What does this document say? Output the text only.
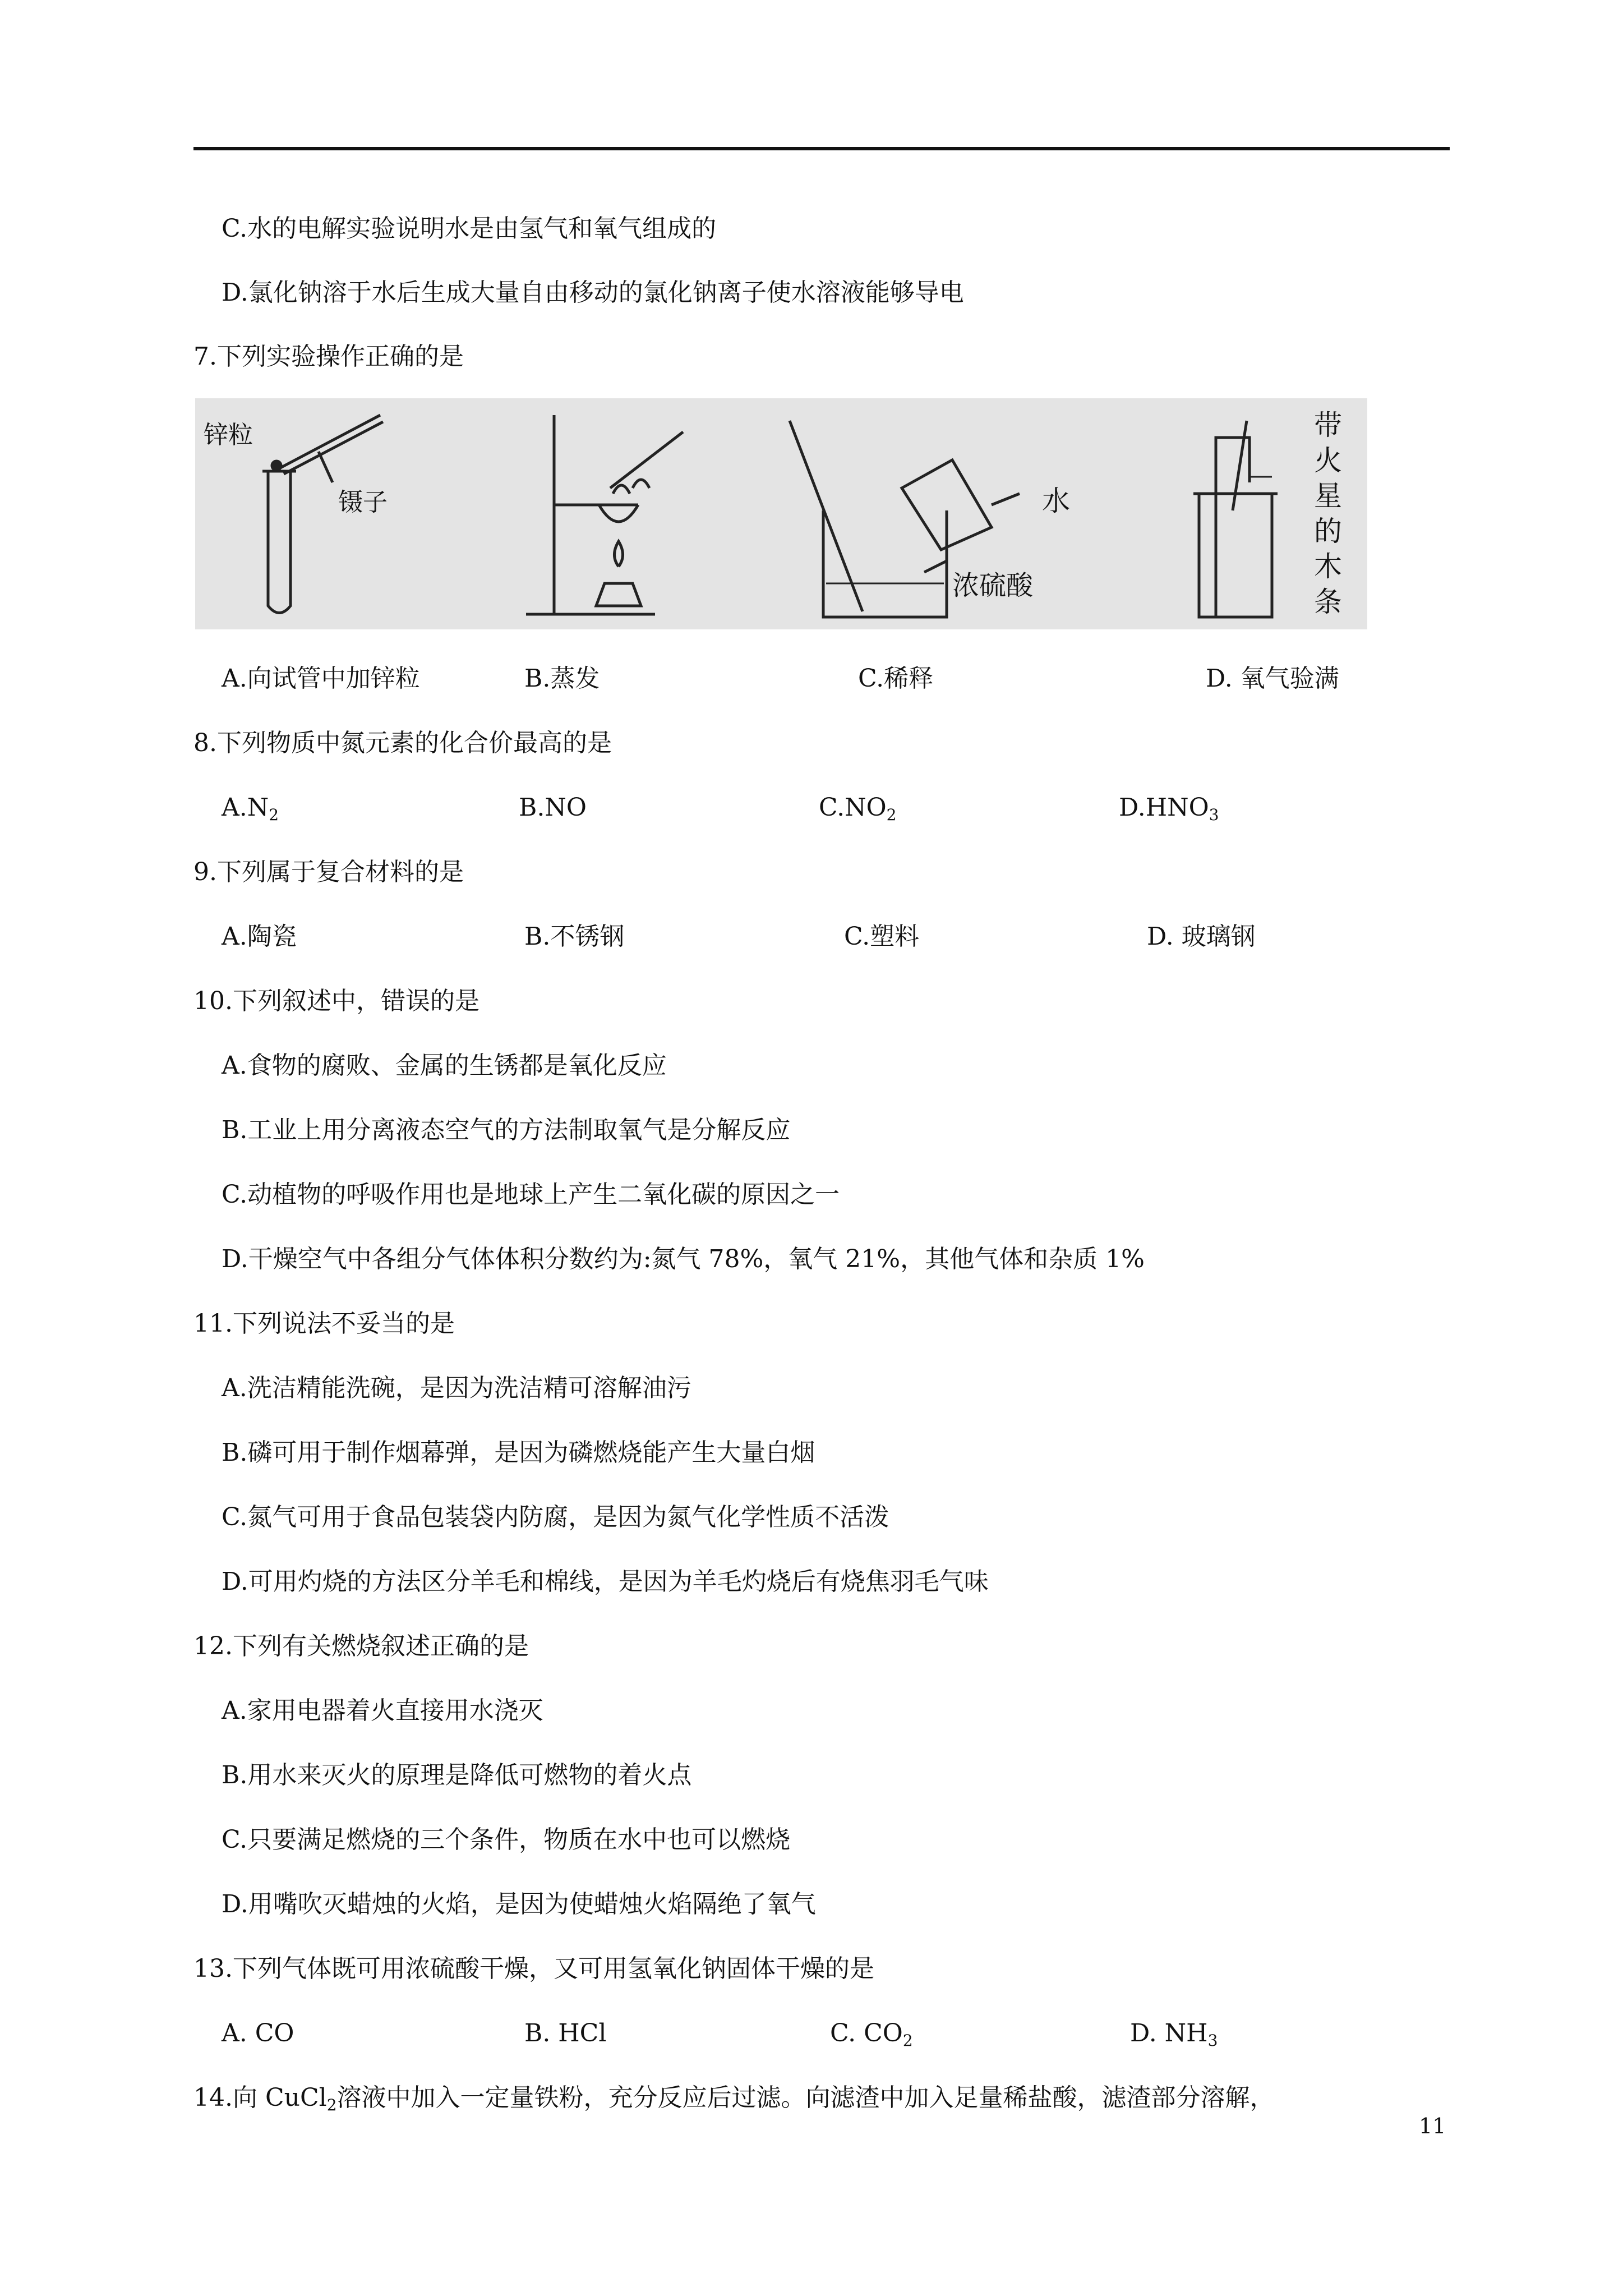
C.水的电解实验说明水是由氢气和氧气组成的
D.氯化钠溶于水后生成大量自由移动的氯化钠离子使水溶液能够导电
7.下列实验操作正确的是
锌粒
镊子	水
浓硫酸
带
火
星
的
木
条
A.向试管中加锌粒	B.蒸发	C.稀释	D. 氧气验满
8.下列物质中氮元素的化合价最高的是
$A.N_2$	B.NO	$C.NO_2$	$D.HNO_3$
9.下列属于复合材料的是
A.陶瓷	B.不锈钢	C.塑料	D. 玻璃钢
10.下列叙述中，错误的是
A.食物的腐败、金属的生锈都是氧化反应
B.工业上用分离液态空气的方法制取氧气是分解反应
C.动植物的呼吸作用也是地球上产生二氧化碳的原因之一
D.干燥空气中各组分气体体积分数约为:氮气 78%，氧气 21%，其他气体和杂质 1%
11.下列说法不妥当的是
A.洗洁精能洗碗，是因为洗洁精可溶解油污
B.磷可用于制作烟幕弹，是因为磷燃烧能产生大量白烟
C.氮气可用于食品包装袋内防腐，是因为氮气化学性质不活泼
D.可用灼烧的方法区分羊毛和棉线，是因为羊毛灼烧后有烧焦羽毛气味
12.下列有关燃烧叙述正确的是
A.家用电器着火直接用水浇灭
B.用水来灭火的原理是降低可燃物的着火点
C.只要满足燃烧的三个条件，物质在水中也可以燃烧
D.用嘴吹灭蜡烛的火焰，是因为使蜡烛火焰隔绝了氧气
13.下列气体既可用浓硫酸干燥，又可用氢氧化钠固体干燥的是
A. CO	B. HCl	C. $CO_2$	D. $NH_3$
14.向 CuCl$_2$溶液中加入一定量铁粉，充分反应后过滤。向滤渣中加入足量稀盐酸，滤渣部分溶解，
11
